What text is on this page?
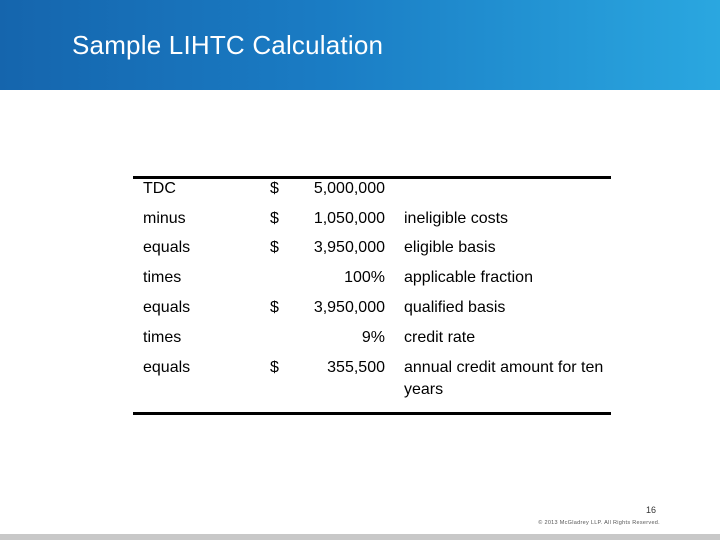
Sample LIHTC Calculation
TDC	$ 5,000,000
minus	$ 1,050,000 ineligible costs
equals	$ 3,950,000 eligible basis
times	100% applicable fraction
equals	$ 3,950,000 qualified basis
times	9% credit rate
equals	$	355,500 annual credit amount for ten years
16
© 2013 McGladrey LLP. All Rights Reserved.
